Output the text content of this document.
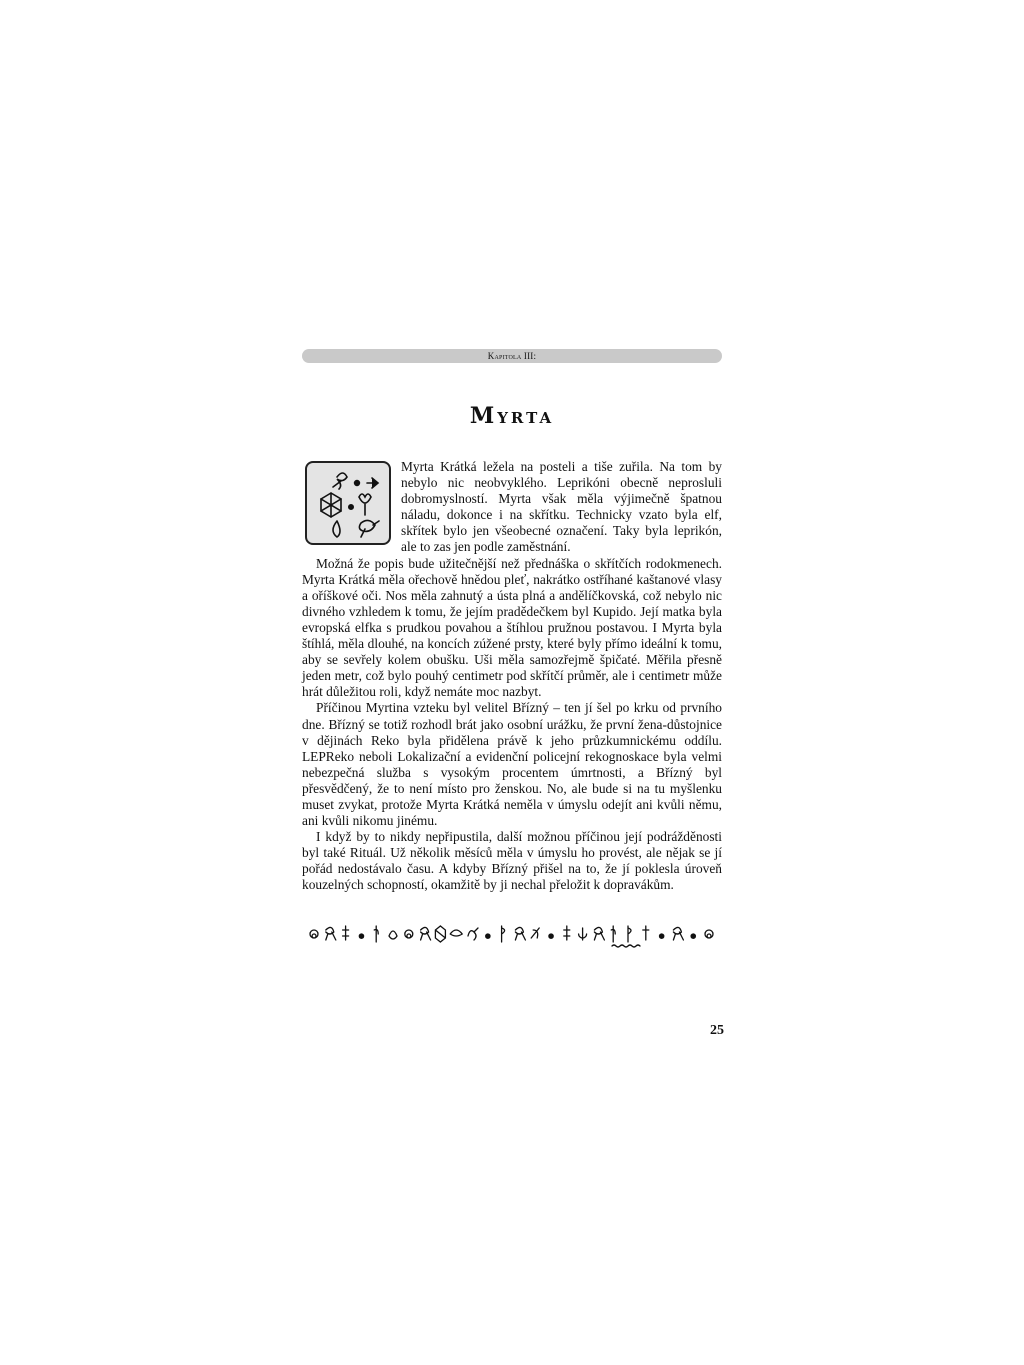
Kapitola III:
Myrta

Myrta Krátká ležela na posteli a tiše zuřila. Na tom by nebylo nic neobvyklého. Leprikóni obecně neprosluli dobromyslností. Myrta však měla výjimečně špatnou náladu, dokonce i na skřítku. Technicky vzato byla elf, skřítek bylo jen všeobecné označení. Taky byla leprikón, ale to zas jen podle zaměstnání.

Možná že popis bude užitečnější než přednáška o skřítčích rodokmenech. Myrta Krátká měla ořechově hnědou pleť, nakrátko ostříhané kaštanové vlasy a oříškové oči. Nos měla zahnutý a ústa plná a andělíčkovská, což nebylo nic divného vzhledem k tomu, že jejím pradědečkem byl Kupido. Její matka byla evropská elfka s prudkou povahou a štíhlou pružnou postavou. I Myrta byla štíhlá, měla dlouhé, na koncích zúžené prsty, které byly přímo ideální k tomu, aby se sevřely kolem obušku. Uši měla samozřejmě špičaté. Měřila přesně jeden metr, což bylo pouhý centimetr pod skřítčí průměr, ale i centimetr může hrát důležitou roli, když nemáte moc nazbyt.

Příčinou Myrtina vzteku byl velitel Břízný – ten jí šel po krku od prvního dne. Břízný se totiž rozhodl brát jako osobní urážku, že první žena-důstojnice v dějinách Reko byla přidělena právě k jeho průzkumnickému oddílu. LEPReko neboli Lokalizační a evidenční policejní rekognoskace byla velmi nebezpečná služba s vysokým procentem úmrtnosti, a Břízný byl přesvědčený, že to není místo pro ženskou. No, ale bude si na tu myšlenku muset zvykat, protože Myrta Krátká neměla v úmyslu odejít ani kvůli němu, ani kvůli nikomu jinému.

I když by to nikdy nepřipustila, další možnou příčinou její podrážděnosti byl také Rituál. Už několik měsíců měla v úmyslu ho provést, ale nějak se jí pořád nedostávalo času. A kdyby Břízný přišel na to, že jí poklesla úroveň kouzelných schopností, okamžitě by ji nechal přeložit k dopravákům.

25
